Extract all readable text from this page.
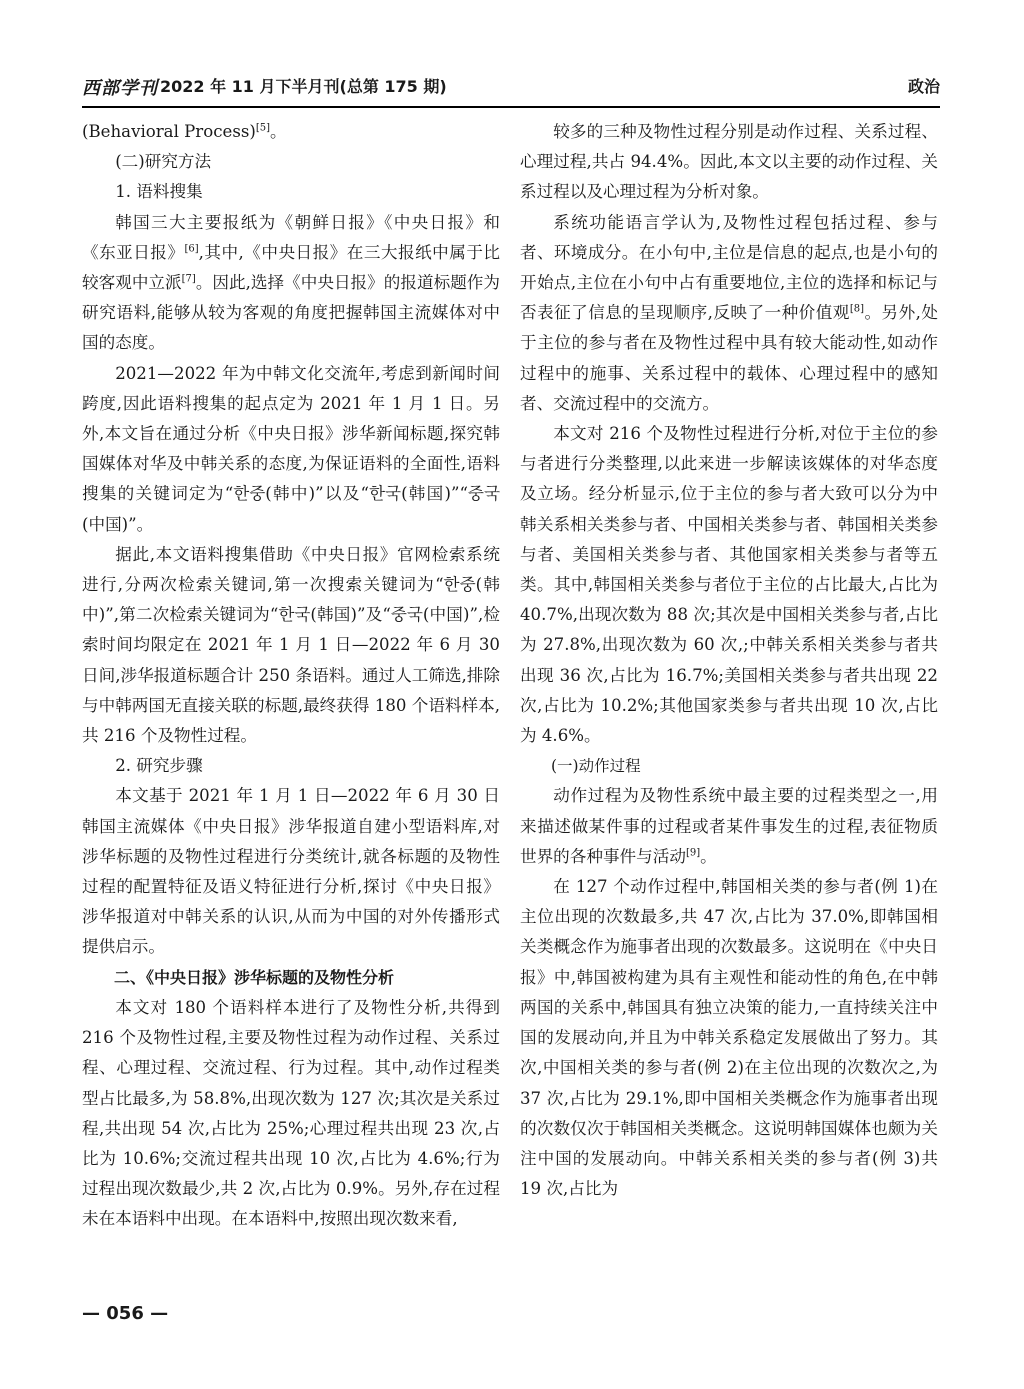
西部学刊 2022 年 11 月下半月刊(总第 175 期)	政治

(Behavioral Process)[5]。

(二)研究方法

1. 语料搜集

韩国三大主要报纸为《朝鲜日报》《中央日报》和《东亚日报》[6],其中,《中央日报》在三大报纸中属于比较客观中立派[7]。因此,选择《中央日报》的报道标题作为研究语料,能够从较为客观的角度把握韩国主流媒体对中国的态度。

2021—2022 年为中韩文化交流年,考虑到新闻时间跨度,因此语料搜集的起点定为 2021 年 1 月 1 日。另外,本文旨在通过分析《中央日报》涉华新闻标题,探究韩国媒体对华及中韩关系的态度,为保证语料的全面性,语料搜集的关键词定为“한중(韩中)”以及“한국(韩国)”“중국(中国)”。

据此,本文语料搜集借助《中央日报》官网检索系统进行,分两次检索关键词,第一次搜索关键词为“한중(韩中)”,第二次检索关键词为“한국(韩国)”及“중국(中国)”,检索时间均限定在 2021 年 1 月 1 日—2022 年 6 月 30 日间,涉华报道标题合计 250 条语料。通过人工筛选,排除与中韩两国无直接关联的标题,最终获得 180 个语料样本,共 216 个及物性过程。

2. 研究步骤

本文基于 2021 年 1 月 1 日—2022 年 6 月 30 日韩国主流媒体《中央日报》涉华报道自建小型语料库,对涉华标题的及物性过程进行分类统计,就各标题的及物性过程的配置特征及语义特征进行分析,探讨《中央日报》涉华报道对中韩关系的认识,从而为中国的对外传播形式提供启示。

二、《中央日报》涉华标题的及物性分析

本文对 180 个语料样本进行了及物性分析,共得到 216 个及物性过程,主要及物性过程为动作过程、关系过程、心理过程、交流过程、行为过程。其中,动作过程类型占比最多,为 58.8%,出现次数为 127 次;其次是关系过程,共出现 54 次,占比为 25%;心理过程共出现 23 次,占比为 10.6%;交流过程共出现 10 次,占比为 4.6%;行为过程出现次数最少,共 2 次,占比为 0.9%。另外,存在过程未在本语料中出现。在本语料中,按照出现次数来看,

较多的三种及物性过程分别是动作过程、关系过程、心理过程,共占 94.4%。因此,本文以主要的动作过程、关系过程以及心理过程为分析对象。

系统功能语言学认为,及物性过程包括过程、参与者、环境成分。在小句中,主位是信息的起点,也是小句的开始点,主位在小句中占有重要地位,主位的选择和标记与否表征了信息的呈现顺序,反映了一种价值观[8]。另外,处于主位的参与者在及物性过程中具有较大能动性,如动作过程中的施事、关系过程中的载体、心理过程中的感知者、交流过程中的交流方。

本文对 216 个及物性过程进行分析,对位于主位的参与者进行分类整理,以此来进一步解读该媒体的对华态度及立场。经分析显示,位于主位的参与者大致可以分为中韩关系相关类参与者、中国相关类参与者、韩国相关类参与者、美国相关类参与者、其他国家相关类参与者等五类。其中,韩国相关类参与者位于主位的占比最大,占比为 40.7%,出现次数为 88 次;其次是中国相关类参与者,占比为 27.8%,出现次数为 60 次,;中韩关系相关类参与者共出现 36 次,占比为 16.7%;美国相关类参与者共出现 22 次,占比为 10.2%;其他国家类参与者共出现 10 次,占比为 4.6%。

(一)动作过程

动作过程为及物性系统中最主要的过程类型之一,用来描述做某件事的过程或者某件事发生的过程,表征物质世界的各种事件与活动[9]。

在 127 个动作过程中,韩国相关类的参与者(例 1)在主位出现的次数最多,共 47 次,占比为 37.0%,即韩国相关类概念作为施事者出现的次数最多。这说明在《中央日报》中,韩国被构建为具有主观性和能动性的角色,在中韩两国的关系中,韩国具有独立决策的能力,一直持续关注中国的发展动向,并且为中韩关系稳定发展做出了努力。其次,中国相关类的参与者(例 2)在主位出现的次数次之,为 37 次,占比为 29.1%,即中国相关类概念作为施事者出现的次数仅次于韩国相关类概念。这说明韩国媒体也颇为关注中国的发展动向。中韩关系相关类的参与者(例 3)共 19 次,占比为

— 056 —
